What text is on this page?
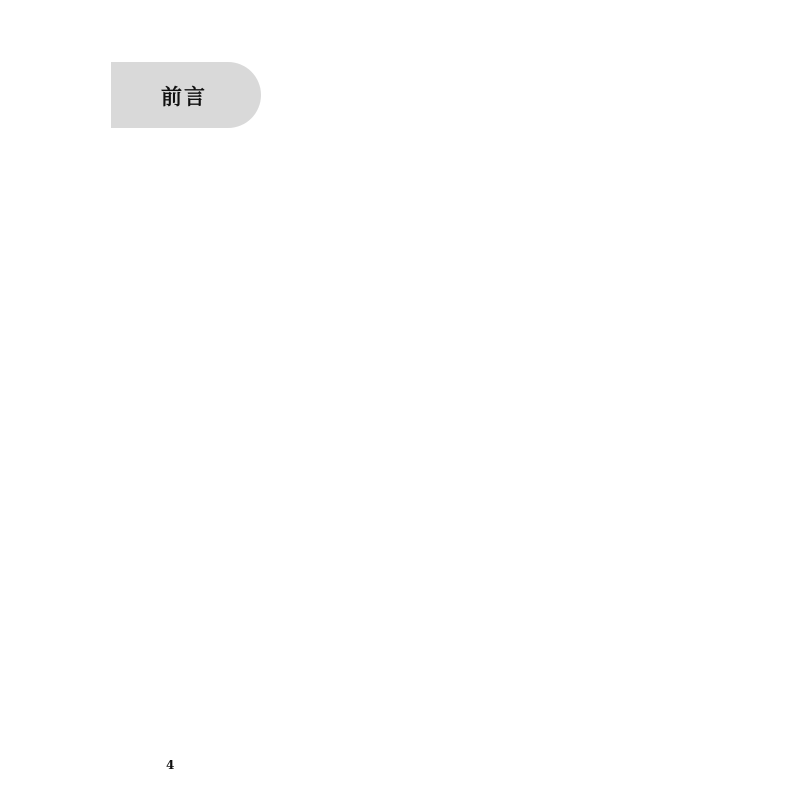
前言

4
